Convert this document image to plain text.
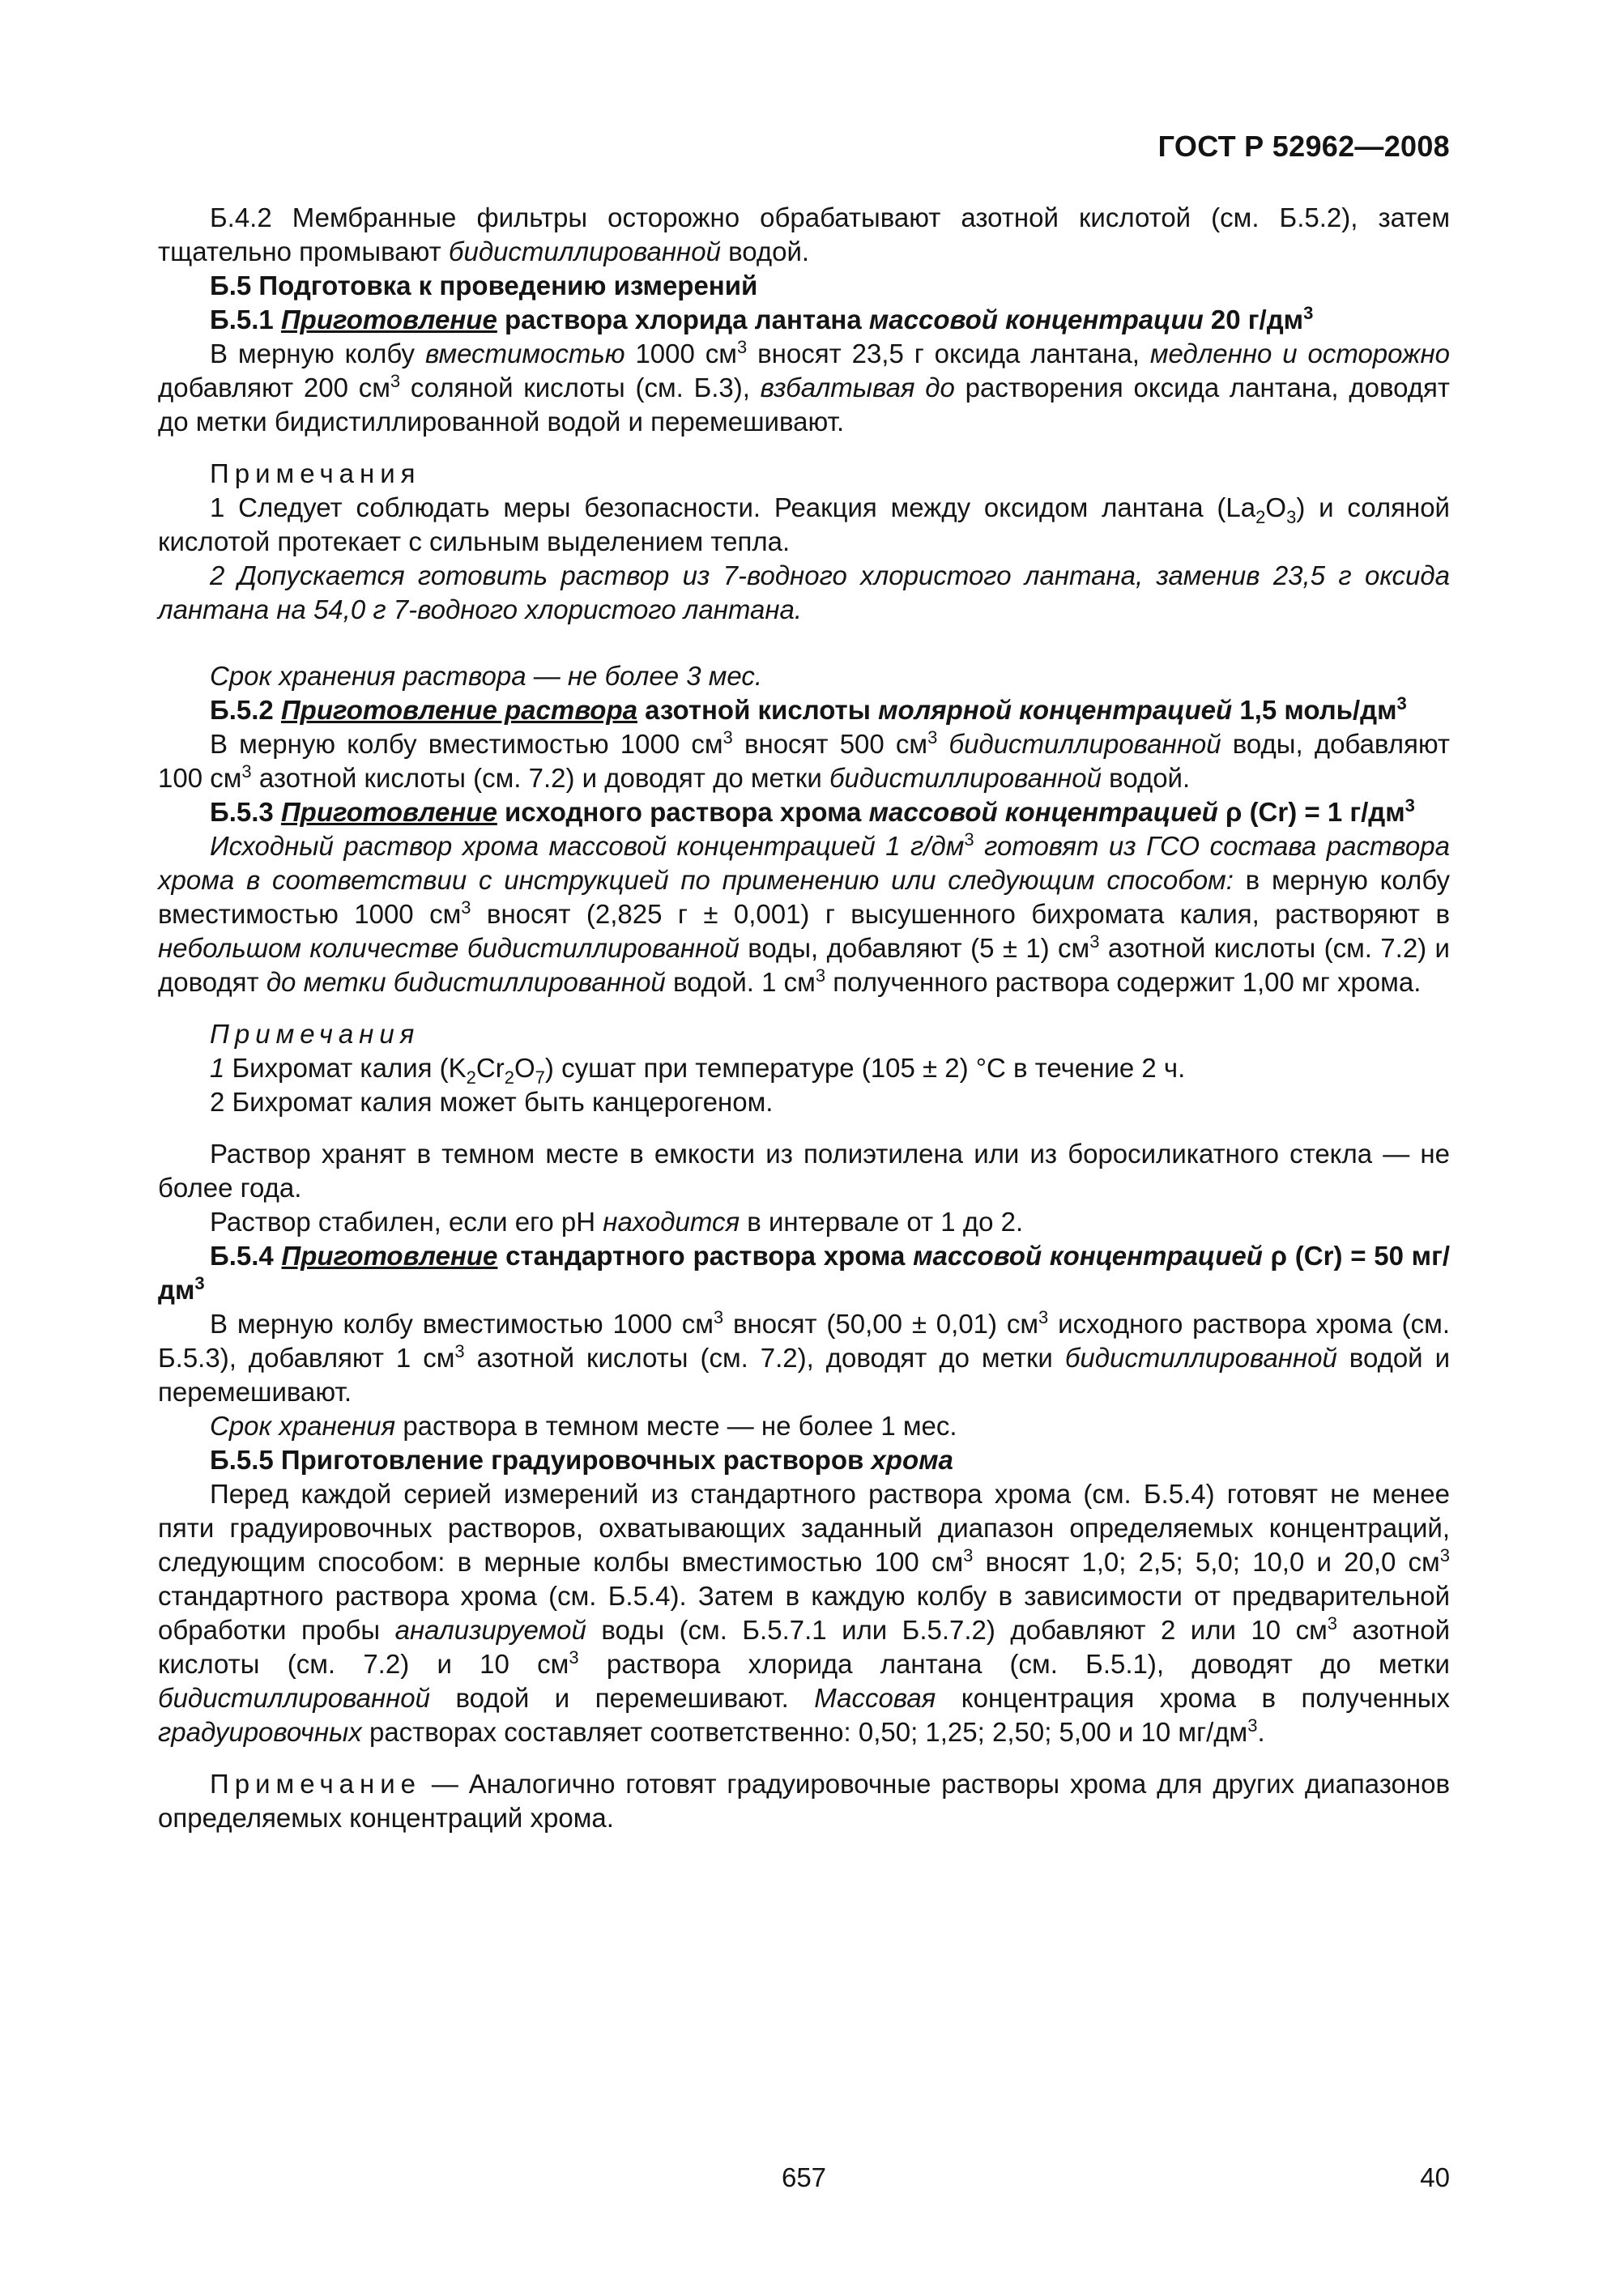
ГОСТ Р 52962—2008

Б.4.2 Мембранные фильтры осторожно обрабатывают азотной кислотой (см. Б.5.2), затем тщательно промывают бидистиллированной водой.

Б.5 Подготовка к проведению измерений

Б.5.1 Приготовление раствора хлорида лантана массовой концентрации 20 $г/дм^3$

В мерную колбу вместимостью 1000 $см^3$ вносят 23,5 г оксида лантана, медленно и осторожно добавляют 200 $см^3$ соляной кислоты (см. Б.3), взбалтывая до растворения оксида лантана, доводят до метки бидистиллированной водой и перемешивают.

Примечания

1 Следует соблюдать меры безопасности. Реакция между оксидом лантана $(La_2O_3)$ и соляной кислотой протекает с сильным выделением тепла.

2 Допускается готовить раствор из 7-водного хлористого лантана, заменив 23,5 г оксида лантана на 54,0 г 7-водного хлористого лантана.

Срок хранения раствора — не более 3 мес.

Б.5.2 Приготовление раствора азотной кислоты молярной концентрацией 1,5 моль/$дм^3$

В мерную колбу вместимостью 1000 $см^3$ вносят 500 $см^3$ бидистиллированной воды, добавляют 100 $см^3$ азотной кислоты (см. 7.2) и доводят до метки бидистиллированной водой.

Б.5.3 Приготовление исходного раствора хрома массовой концентрацией ρ (Cr) = 1 $г/дм^3$

Исходный раствор хрома массовой концентрацией 1 $г/дм^3$ готовят из ГСО состава раствора хрома в соответствии с инструкцией по применению или следующим способом: в мерную колбу вместимостью 1000 $см^3$ вносят (2,825 г ± 0,001) г высушенного бихромата калия, растворяют в небольшом количестве бидистиллированной воды, добавляют (5 ± 1) $см^3$ азотной кислоты (см. 7.2) и доводят до метки бидистиллированной водой. 1 $см^3$ полученного раствора содержит 1,00 мг хрома.

Примечания

1 Бихромат калия $(K_2Cr_2O_7)$ сушат при температуре (105 ± 2) °С в течение 2 ч.

2 Бихромат калия может быть канцерогеном.

Раствор хранят в темном месте в емкости из полиэтилена или из боросиликатного стекла — не более года.

Раствор стабилен, если его рН находится в интервале от 1 до 2.

Б.5.4 Приготовление стандартного раствора хрома массовой концентрацией ρ (Cr) = 50 $мг/дм^3$

В мерную колбу вместимостью 1000 $см^3$ вносят (50,00 ± 0,01) $см^3$ исходного раствора хрома (см. Б.5.3), добавляют 1 $см^3$ азотной кислоты (см. 7.2), доводят до метки бидистиллированной водой и перемешивают.

Срок хранения раствора в темном месте — не более 1 мес.

Б.5.5 Приготовление градуировочных растворов хрома

Перед каждой серией измерений из стандартного раствора хрома (см. Б.5.4) готовят не менее пяти градуировочных растворов, охватывающих заданный диапазон определяемых концентраций, следующим способом: в мерные колбы вместимостью 100 $см^3$ вносят 1,0; 2,5; 5,0; 10,0 и 20,0 $см^3$ стандартного раствора хрома (см. Б.5.4). Затем в каждую колбу в зависимости от предварительной обработки пробы анализируемой воды (см. Б.5.7.1 или Б.5.7.2) добавляют 2 или 10 $см^3$ азотной кислоты (см. 7.2) и 10 $см^3$ раствора хлорида лантана (см. Б.5.1), доводят до метки бидистиллированной водой и перемешивают. Массовая концентрация хрома в полученных градуировочных растворах составляет соответственно: 0,50; 1,25; 2,50; 5,00 и 10 $мг/дм^3$.

Примечание — Аналогично готовят градуировочные растворы хрома для других диапазонов определяемых концентраций хрома.

657	40
